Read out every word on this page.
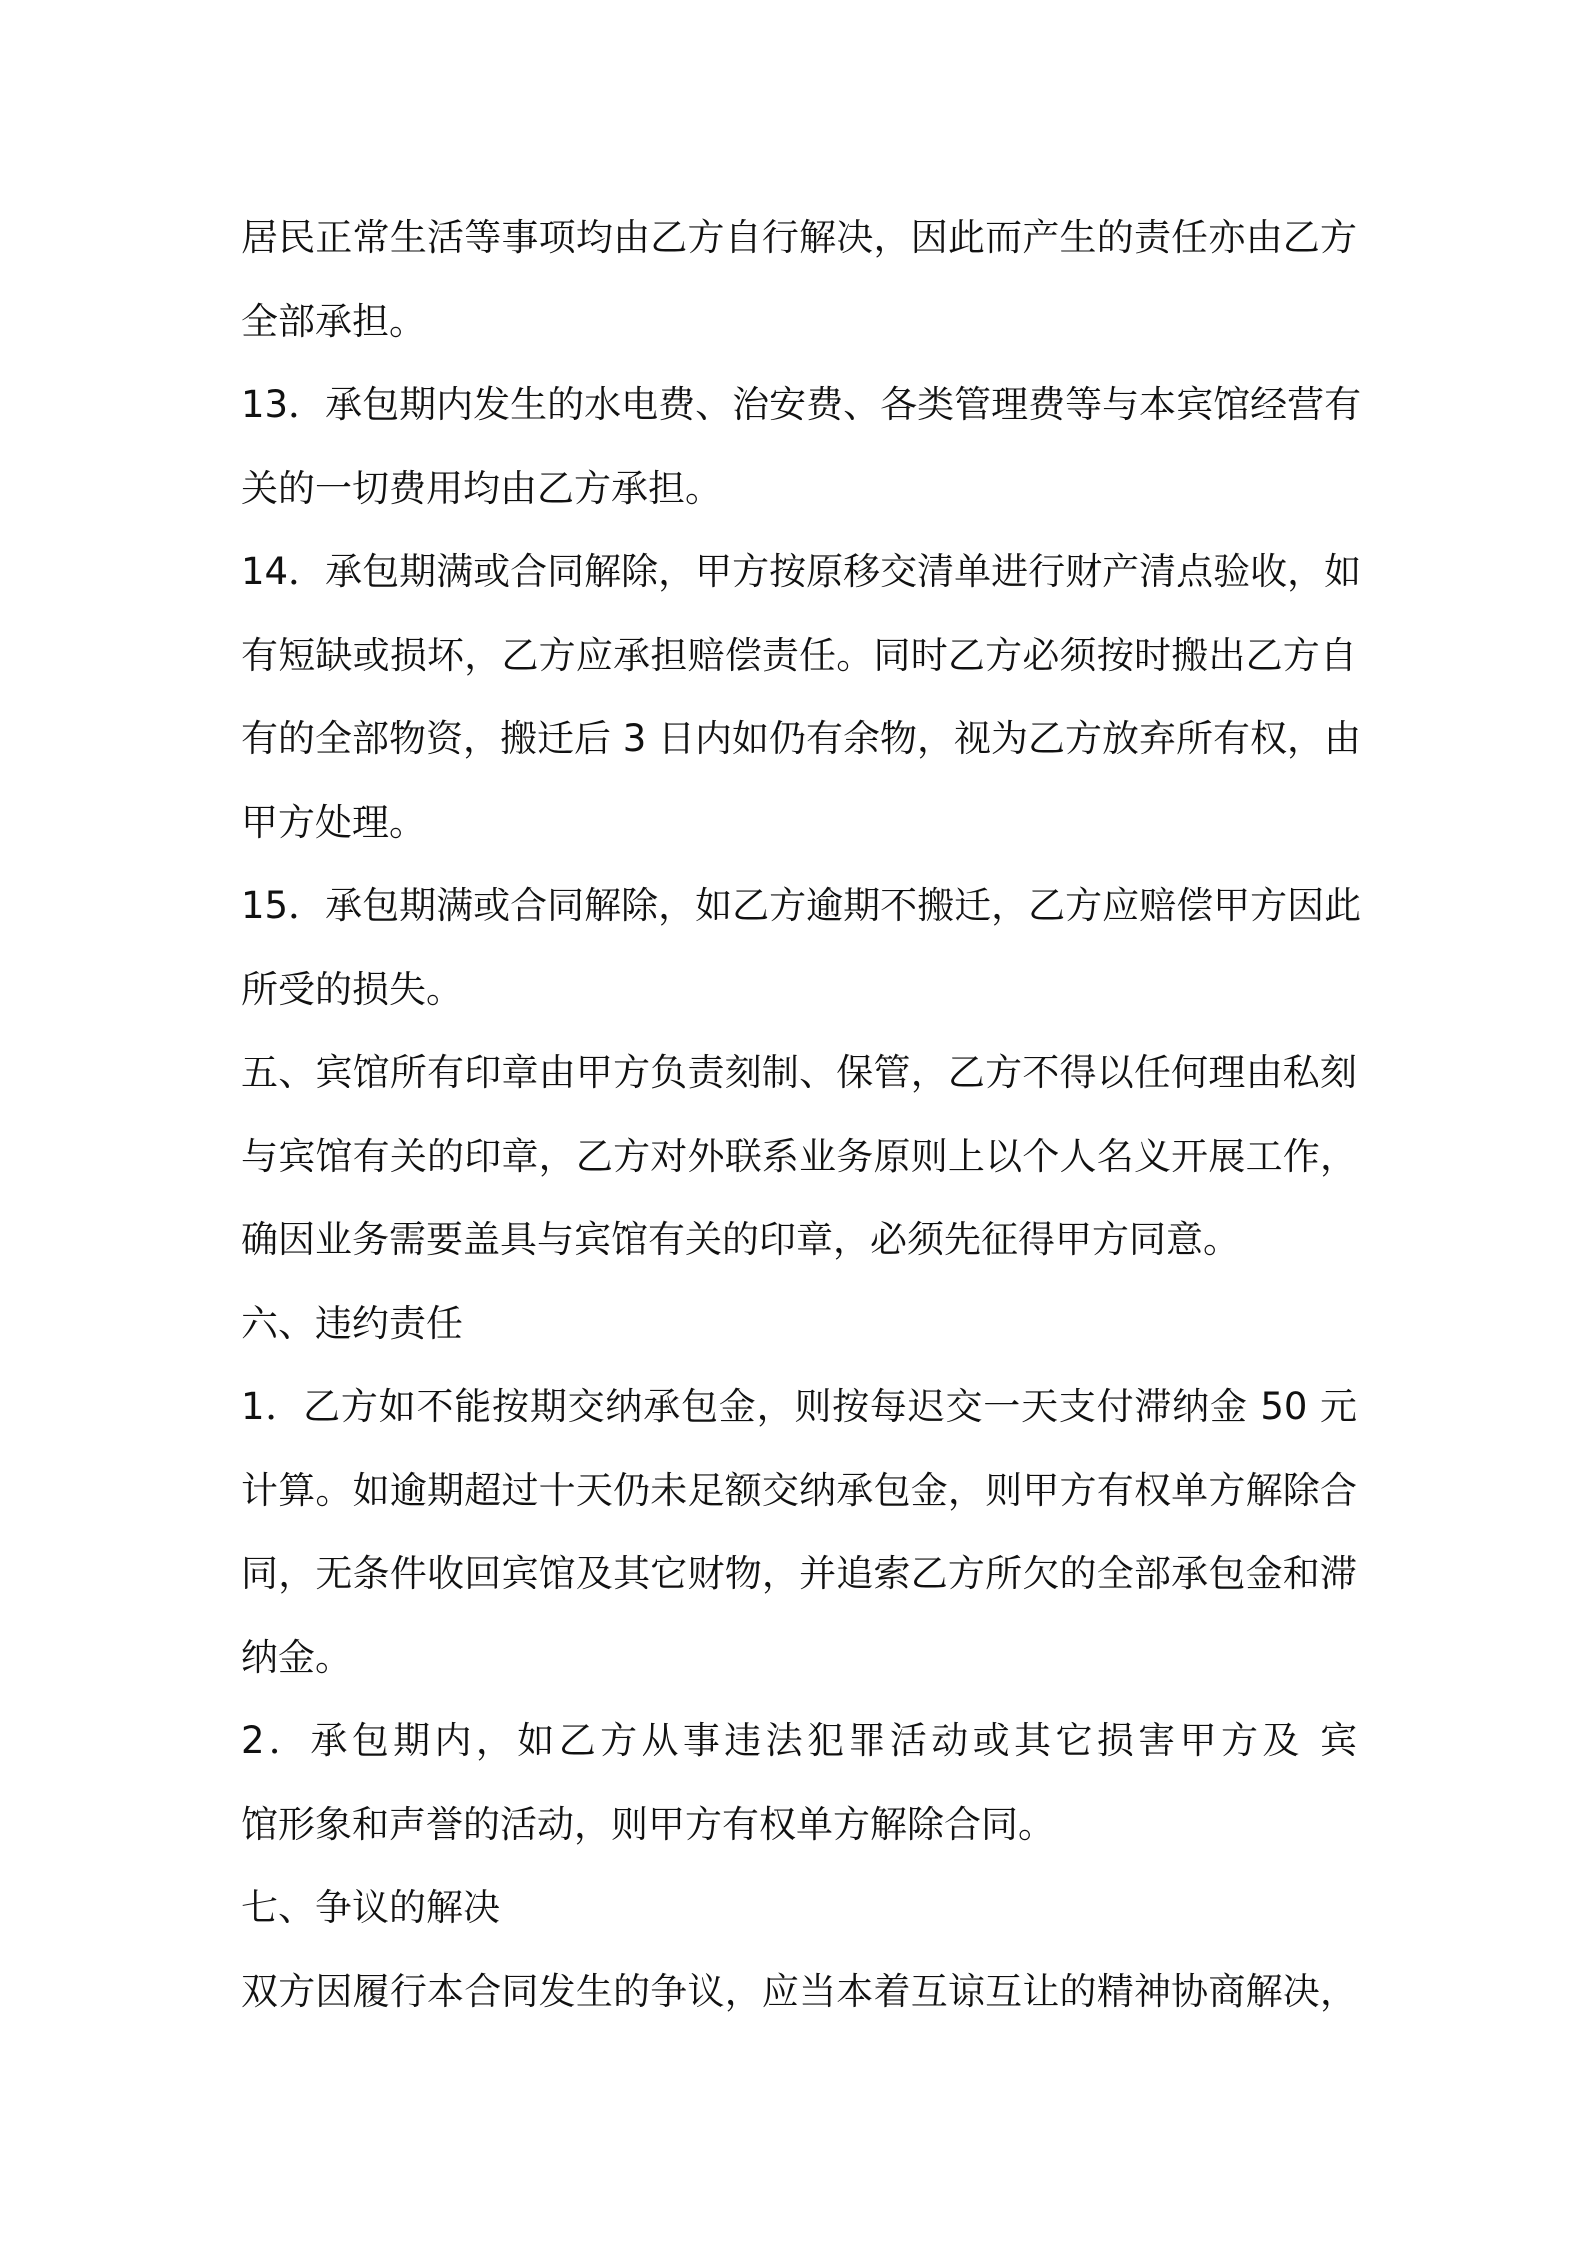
居民正常生活等事项均由乙方自行解决，因此而产生的责任亦由乙方
全部承担。
13．承包期内发生的水电费、治安费、各类管理费等与本宾馆经营有
关的一切费用均由乙方承担。
14．承包期满或合同解除，甲方按原移交清单进行财产清点验收，如
有短缺或损坏，乙方应承担赔偿责任。同时乙方必须按时搬出乙方自
有的全部物资，搬迁后 3 日内如仍有余物，视为乙方放弃所有权，由
甲方处理。
15．承包期满或合同解除，如乙方逾期不搬迁，乙方应赔偿甲方因此
所受的损失。
五、宾馆所有印章由甲方负责刻制、保管，乙方不得以任何理由私刻
与宾馆有关的印章，乙方对外联系业务原则上以个人名义开展工作，
确因业务需要盖具与宾馆有关的印章，必须先征得甲方同意。
六、违约责任
1．乙方如不能按期交纳承包金，则按每迟交一天支付滞纳金 50 元
计算。如逾期超过十天仍未足额交纳承包金，则甲方有权单方解除合
同，无条件收回宾馆及其它财物，并追索乙方所欠的全部承包金和滞
纳金。
2．承包期内，如乙方从事违法犯罪活动或其它损害甲方及 宾
馆形象和声誉的活动，则甲方有权单方解除合同。
七、争议的解决
双方因履行本合同发生的争议，应当本着互谅互让的精神协商解决，
